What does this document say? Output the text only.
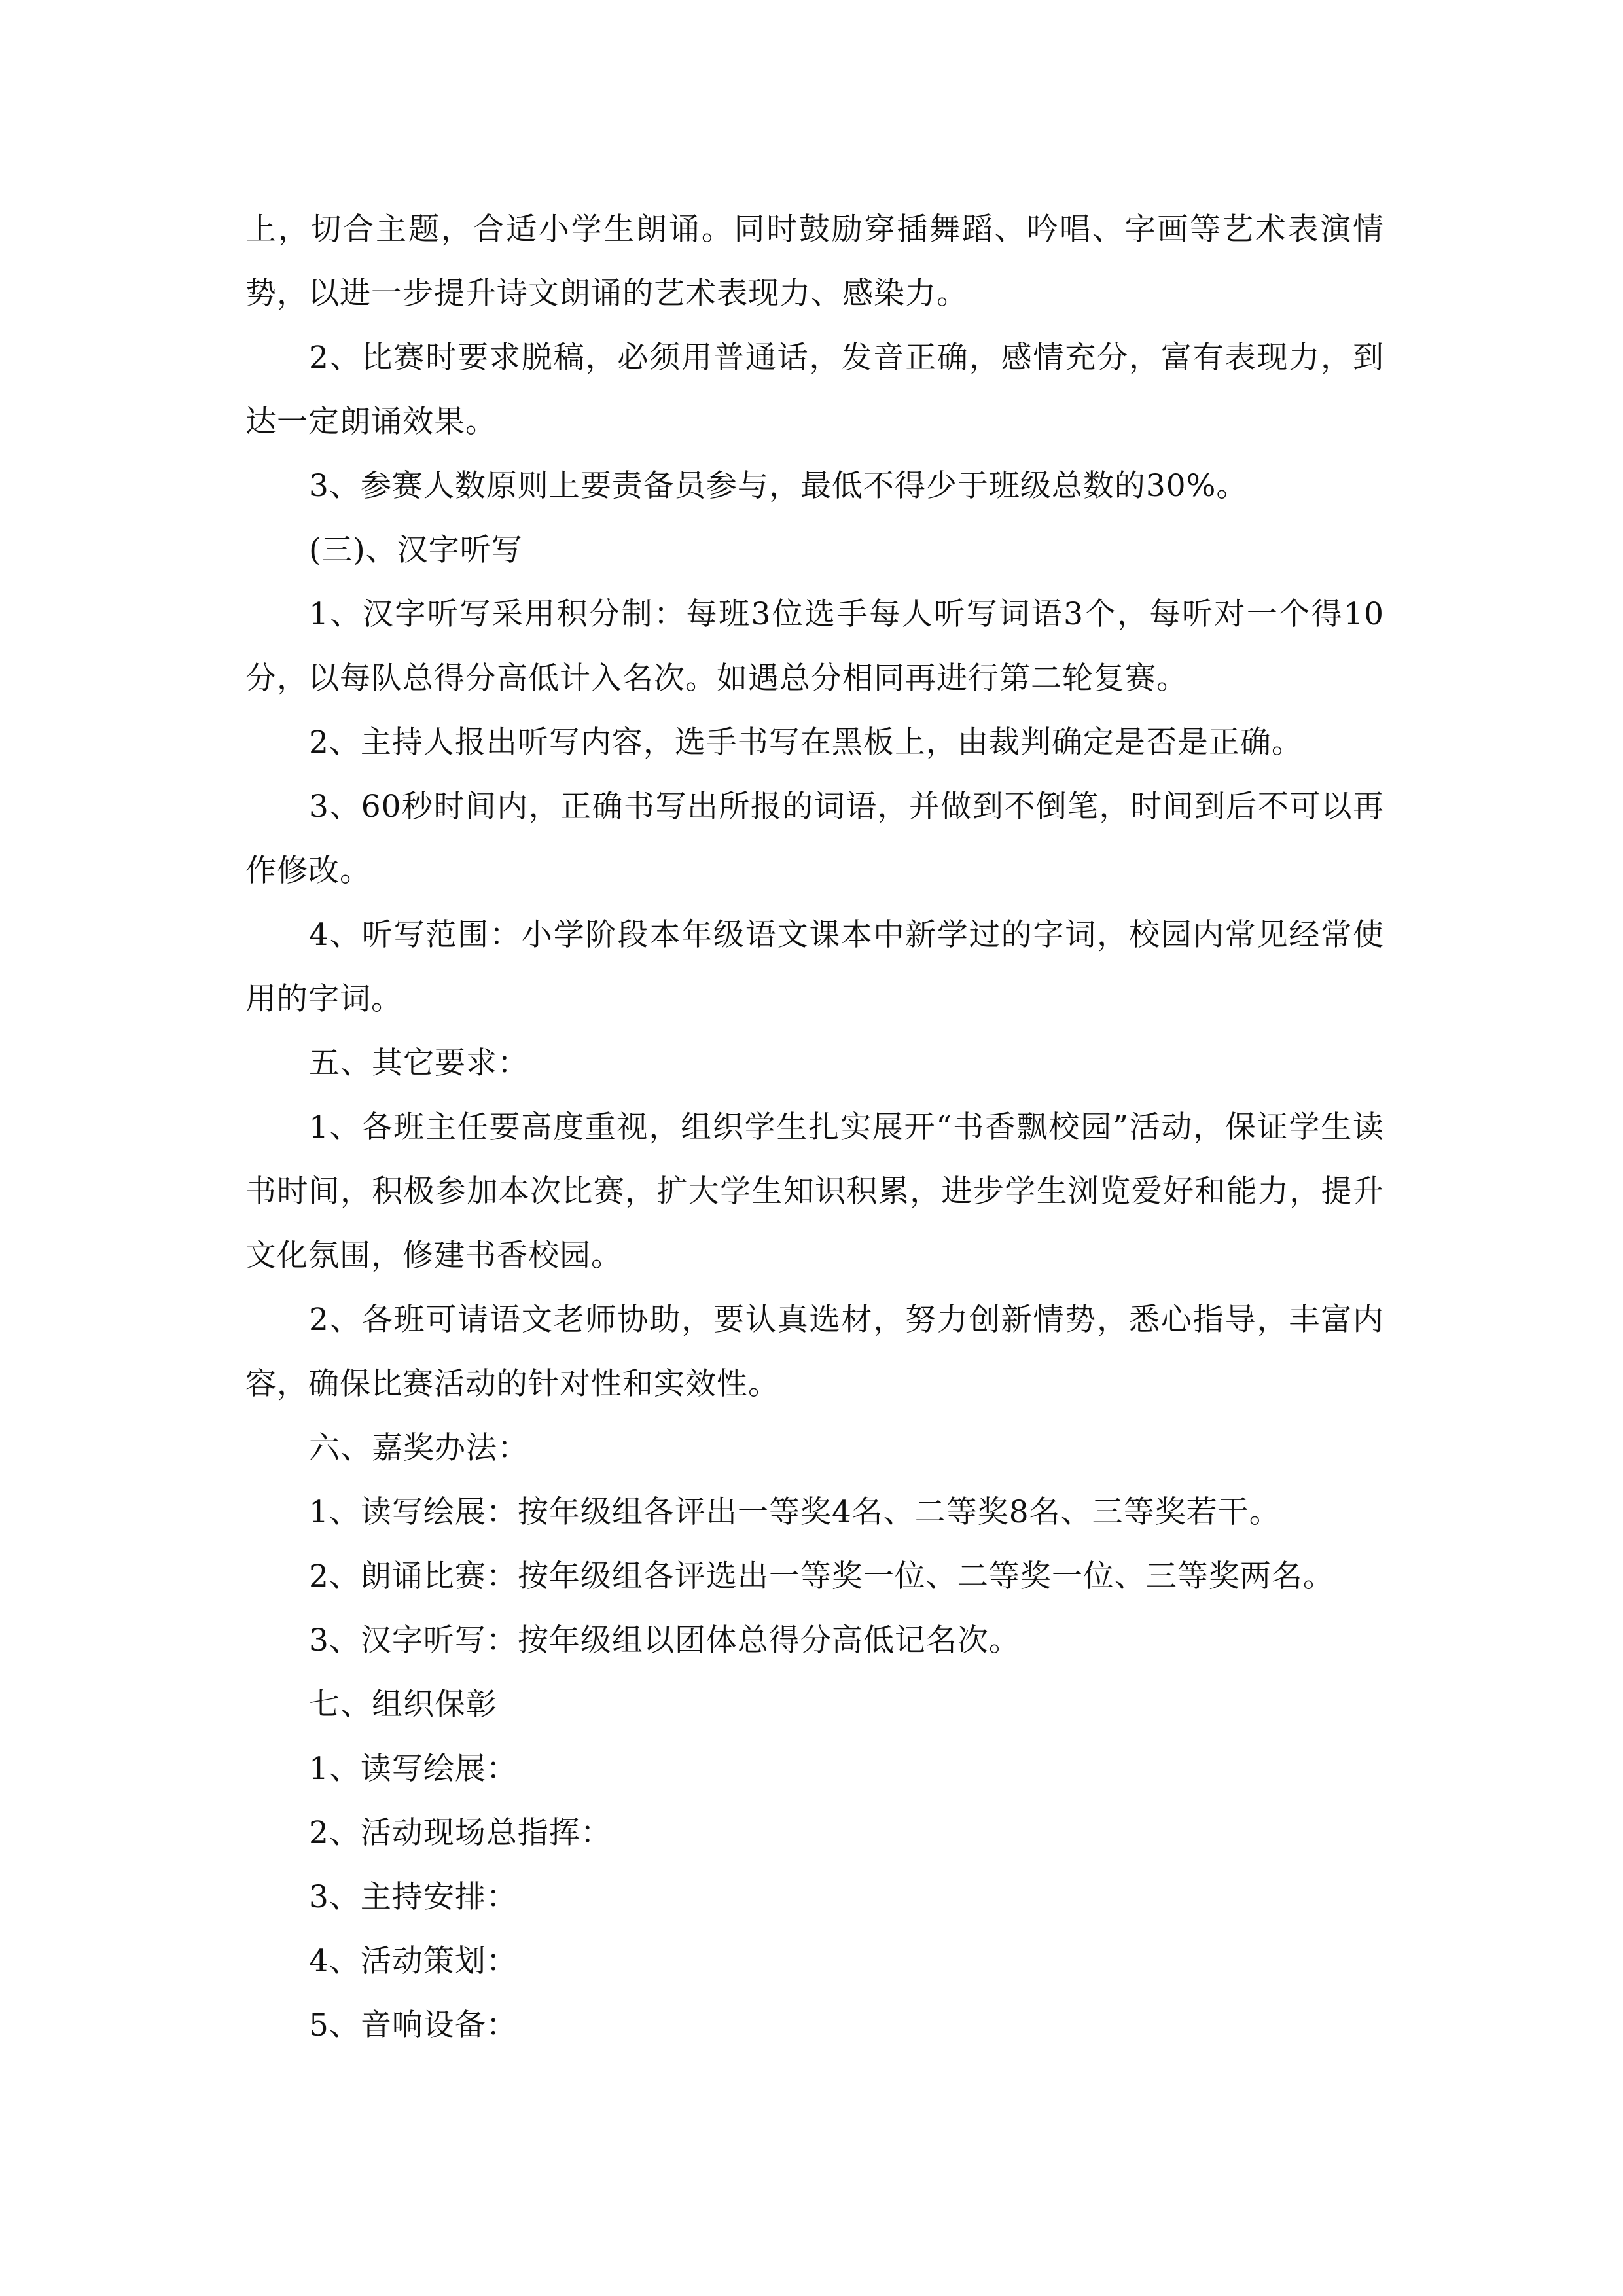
上，切合主题，合适小学生朗诵。同时鼓励穿插舞蹈、吟唱、字画等艺术表演情势，以进一步提升诗文朗诵的艺术表现力、感染力。

2、比赛时要求脱稿，必须用普通话，发音正确，感情充分，富有表现力，到达一定朗诵效果。

3、参赛人数原则上要责备员参与，最低不得少于班级总数的30%。

(三)、汉字听写

1、汉字听写采用积分制：每班3位选手每人听写词语3个，每听对一个得10分，以每队总得分高低计入名次。如遇总分相同再进行第二轮复赛。

2、主持人报出听写内容，选手书写在黑板上，由裁判确定是否是正确。

3、60秒时间内，正确书写出所报的词语，并做到不倒笔，时间到后不可以再作修改。

4、听写范围：小学阶段本年级语文课本中新学过的字词，校园内常见经常使用的字词。

五、其它要求：

1、各班主任要高度重视，组织学生扎实展开“书香飘校园”活动，保证学生读书时间，积极参加本次比赛，扩大学生知识积累，进步学生浏览爱好和能力，提升文化氛围，修建书香校园。

2、各班可请语文老师协助，要认真选材，努力创新情势，悉心指导，丰富内容，确保比赛活动的针对性和实效性。

六、嘉奖办法：

1、读写绘展：按年级组各评出一等奖4名、二等奖8名、三等奖若干。

2、朗诵比赛：按年级组各评选出一等奖一位、二等奖一位、三等奖两名。

3、汉字听写：按年级组以团体总得分高低记名次。

七、组织保彰

1、读写绘展：

2、活动现场总指挥：

3、主持安排：

4、活动策划：

5、音响设备：
